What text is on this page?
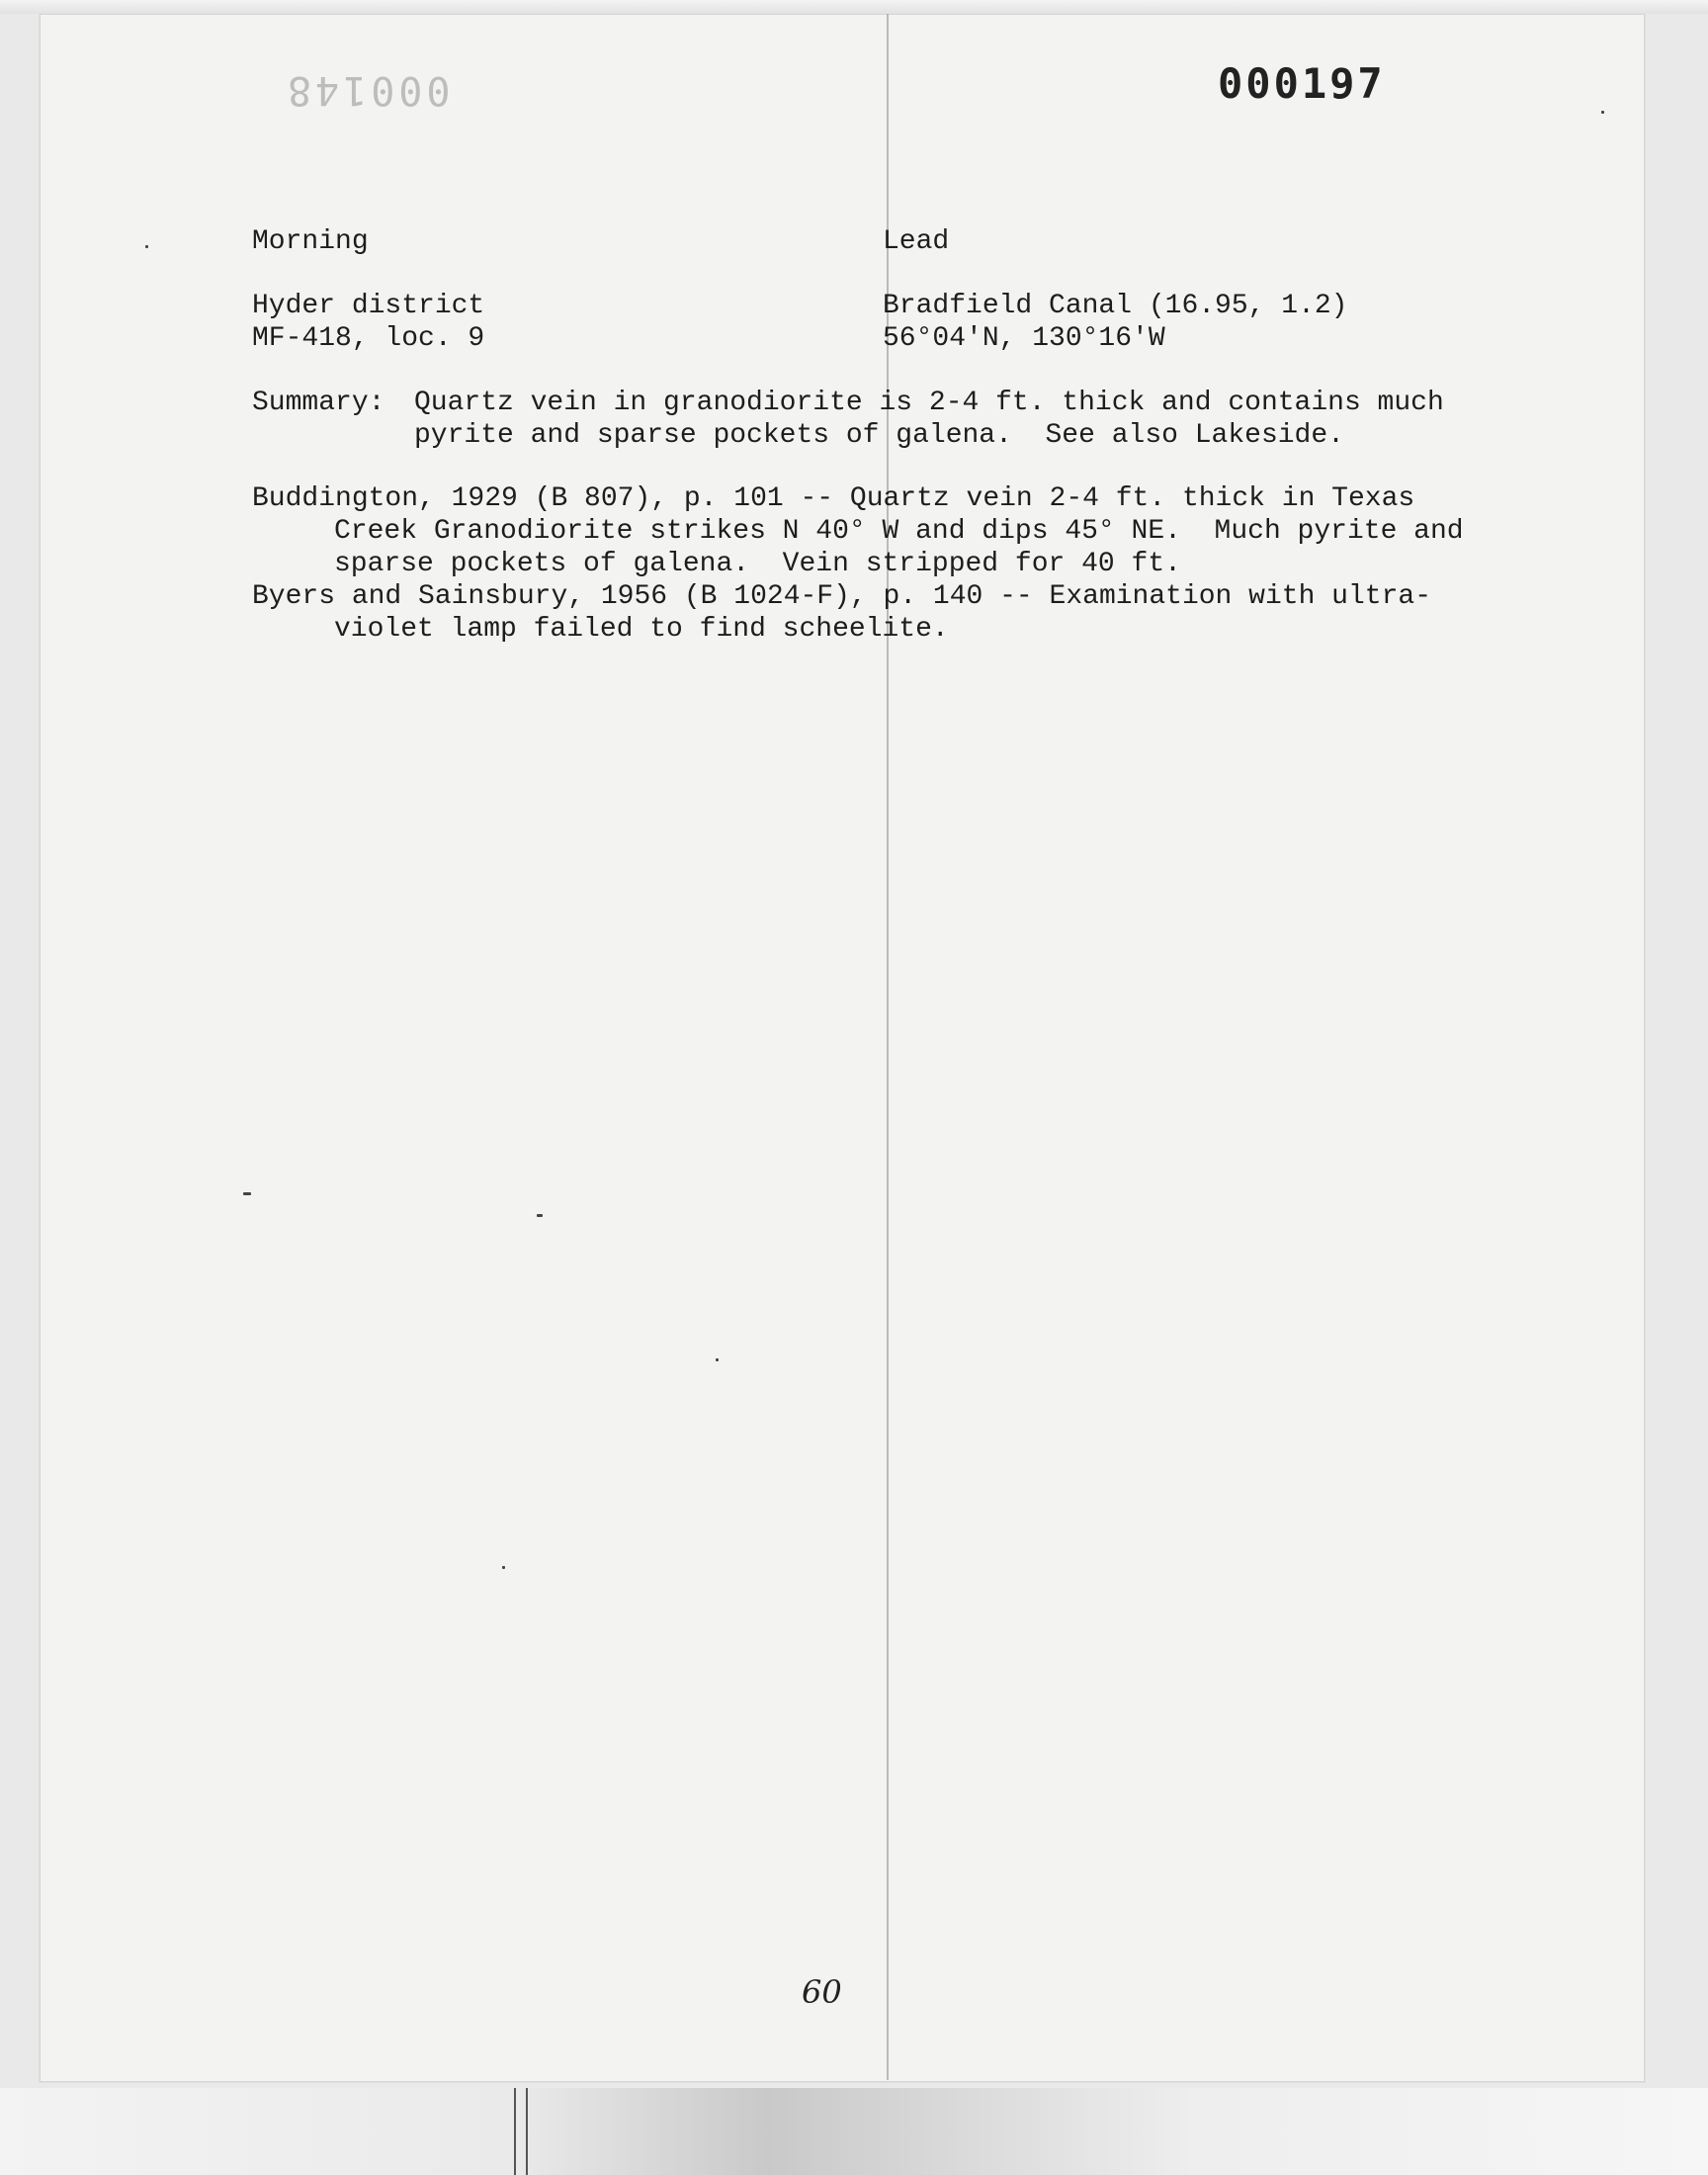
000148	000197
Morning	Lead
Hyder district	Bradfield Canal (16.95, 1.2)
MF-418, loc. 9	56°04'N, 130°16'W
Summary: Quartz vein in granodiorite is 2-4 ft. thick and contains much
pyrite and sparse pockets of galena.  See also Lakeside.
Buddington, 1929 (B 807), p. 101 -- Quartz vein 2-4 ft. thick in Texas
Creek Granodiorite strikes N 40° W and dips 45° NE.  Much pyrite and
sparse pockets of galena.  Vein stripped for 40 ft.
Byers and Sainsbury, 1956 (B 1024-F), p. 140 -- Examination with ultra-
violet lamp failed to find scheelite.
60
